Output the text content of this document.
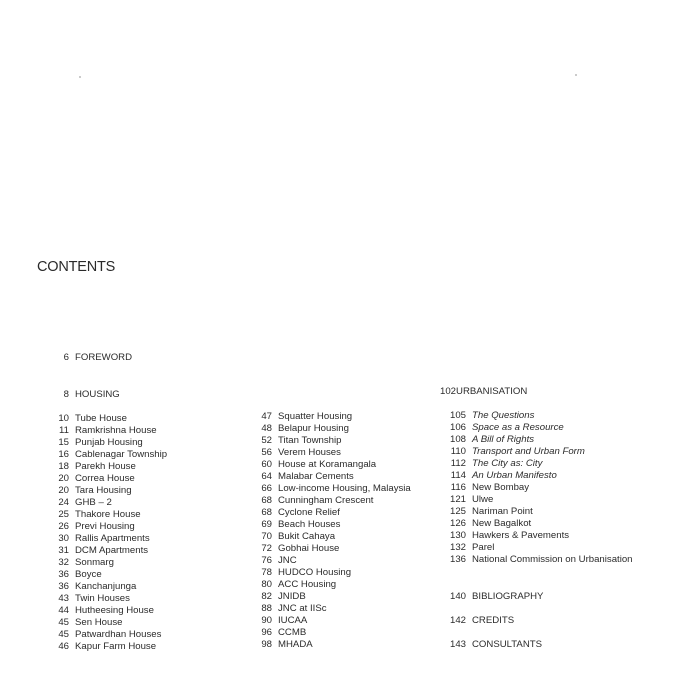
CONTENTS
6 FOREWORD
8 HOUSING
10 Tube House
11 Ramkrishna House
15 Punjab Housing
16 Cablenagar Township
18 Parekh House
20 Correa House
20 Tara Housing
24 GHB – 2
25 Thakore House
26 Previ Housing
30 Rallis Apartments
31 DCM Apartments
32 Sonmarg
36 Boyce
36 Kanchanjunga
43 Twin Houses
44 Hutheesing House
45 Sen House
45 Patwardhan Houses
46 Kapur Farm House
47 Squatter Housing
48 Belapur Housing
52 Titan Township
56 Verem Houses
60 House at Koramangala
64 Malabar Cements
66 Low-income Housing, Malaysia
68 Cunningham Crescent
68 Cyclone Relief
69 Beach Houses
70 Bukit Cahaya
72 Gobhai House
76 JNC
78 HUDCO Housing
80 ACC Housing
82 JNIDB
88 JNC at IISc
90 IUCAA
96 CCMB
98 MHADA
102URBANISATION
105 The Questions
106 Space as a Resource
108 A Bill of Rights
110 Transport and Urban Form
112 The City as: City
114 An Urban Manifesto
116 New Bombay
121 Ulwe
125 Nariman Point
126 New Bagalkot
130 Hawkers & Pavements
132 Parel
136 National Commission on Urbanisation
140 BIBLIOGRAPHY
142 CREDITS
143 CONSULTANTS
